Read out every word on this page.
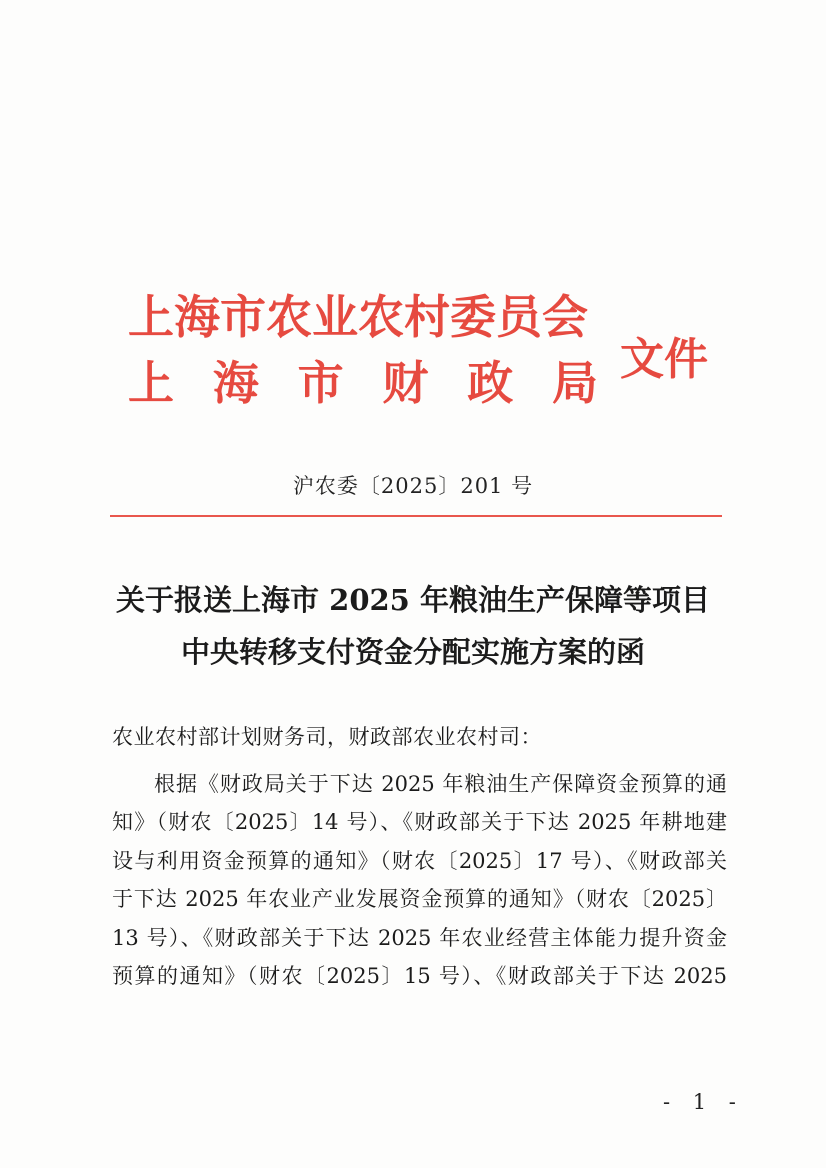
上海市农业农村委员会
上 海 市 财 政 局 文件
沪农委〔2025〕201 号
关于报送上海市 2025 年粮油生产保障等项目
中央转移支付资金分配实施方案的函
农业农村部计划财务司，财政部农业农村司：
根据《财政局关于下达 2025 年粮油生产保障资金预算的通
知》（财农〔2025〕14 号）、《财政部关于下达 2025 年耕地建
设与利用资金预算的通知》（财农〔2025〕17 号）、《财政部关
于下达 2025 年农业产业发展资金预算的通知》（财农〔2025〕
13 号）、《财政部关于下达 2025 年农业经营主体能力提升资金
预算的通知》（财农〔2025〕15 号）、《财政部关于下达 2025
- 1 -
